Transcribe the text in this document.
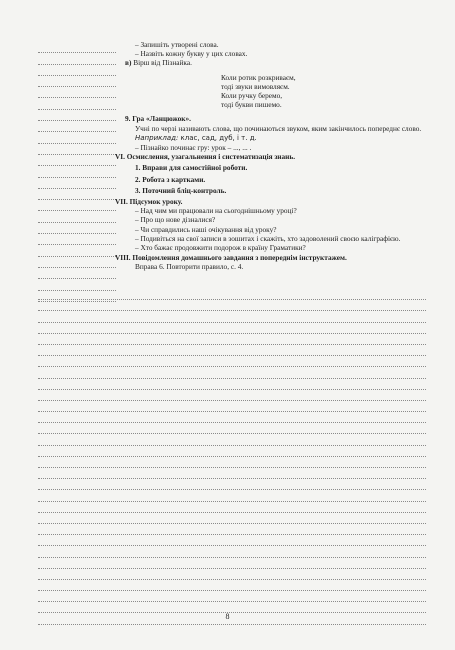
– Запишіть утворені слова.
– Назвіть кожну букву у цих словах.
в) Вірш від Пізнайка.
Коли ротик розкриваєм,
тоді звуки вимовляєм.
Коли ручку беремо,
тоді букви пишемо.
9. Гра «Ланцюжок».
Учні по черзі називають слова, що починаються звуком, яким закінчилось попереднє слово.
Наприклад: клас, сад, дуб, і т. д.
– Пізнайко починає гру: урок – ..., ... .
VI. Осмислення, узагальнення і систематизація знань.
1. Вправи для самостійної роботи.
2. Робота з картками.
3. Поточний бліц-контроль.
VII. Підсумок уроку.
– Над чим ми працювали на сьогоднішньому уроці?
– Про що нове дізналися?
– Чи справдились наші очікування від уроку?
– Подивіться на свої записи в зошитах і скажіть, хто задоволений своєю каліграфією.
– Хто бажає продовжити подорож в країну Граматики?
VIII. Повідомлення домашнього завдання з попереднім інструктажем.
Вправа 6. Повторити правило, с. 4.
8
